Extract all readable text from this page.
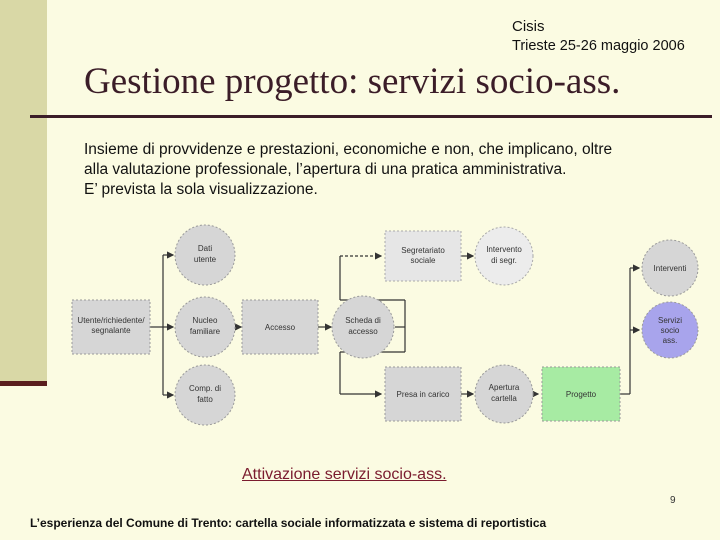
Cisis
Trieste 25-26 maggio 2006
Gestione progetto: servizi socio-ass.
Insieme di provvidenze e prestazioni, economiche e non, che implicano, oltre
alla valutazione professionale, l’apertura di una pratica amministrativa.
E’ prevista la sola visualizzazione.
Dati
utente
Utente/richiedente/
segnalante
Nucleo
familiare
Comp. di
fatto
Accesso
Scheda di
accesso
Segretariato
sociale
Intervento
di segr.
Presa in carico
Apertura
cartella	Progetto
Interventi
Servizi
socio
ass.
Attivazione servizi socio-ass.
9
L’esperienza del Comune di Trento: cartella sociale informatizzata e sistema di reportistica
